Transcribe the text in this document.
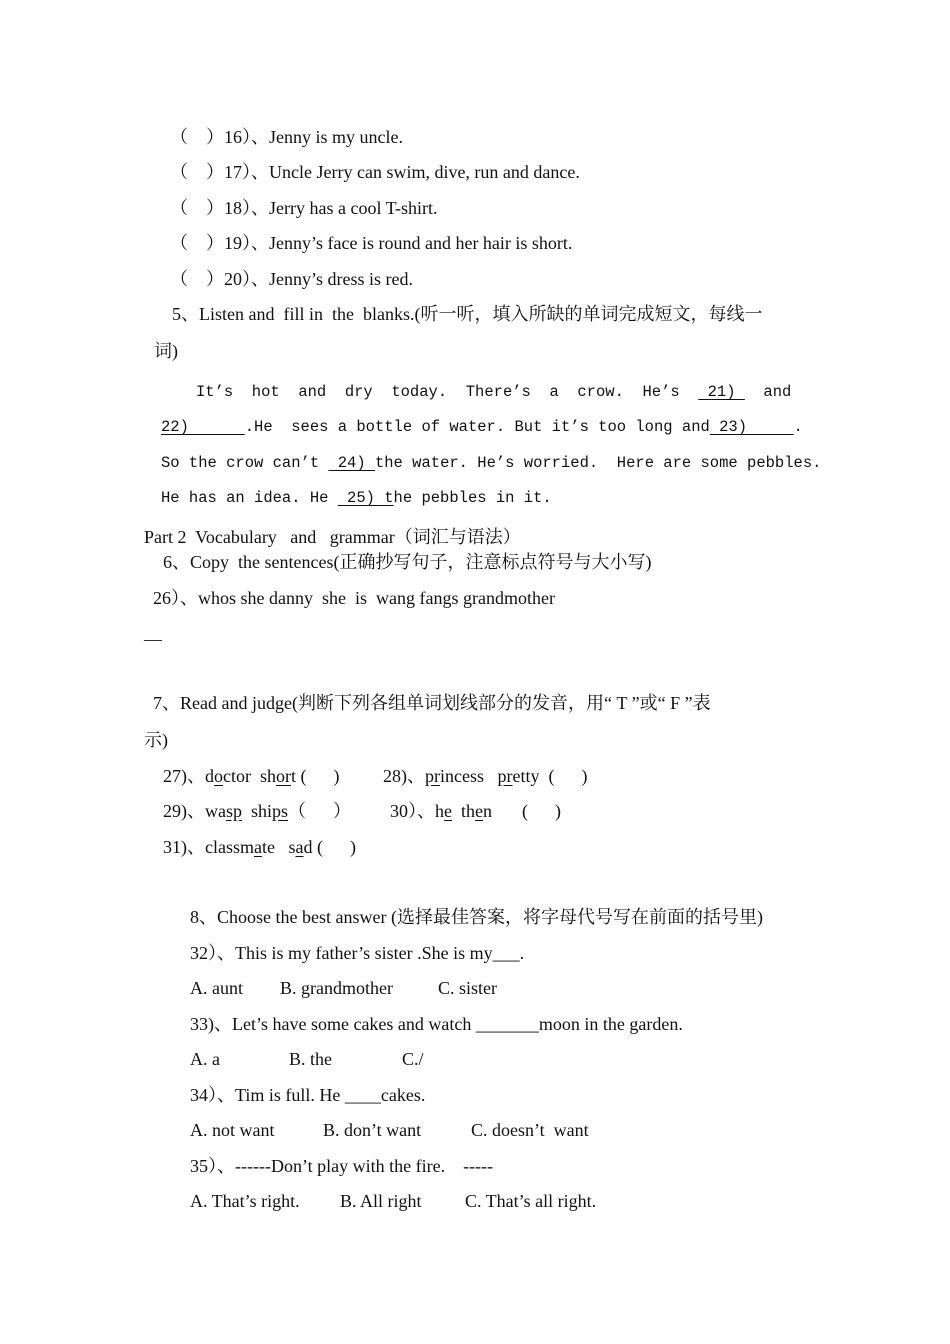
（    ）16）、Jenny is my uncle.
（    ）17）、Uncle Jerry can swim, dive, run and dance.
（    ）18）、Jerry has a cool T-shirt.
（    ）19）、Jenny’s face is round and her hair is short.
（    ）20）、Jenny’s dress is red.
5、Listen and  fill in  the  blanks.(听一听，填入所缺的单词完成短文，每线一
词)
It’s  hot  and  dry  today.  There’s  a  crow.  He’s   21)   and
22)      .He  sees a bottle of water. But it’s too long and 23)     .
So the crow can’t  24) the water. He’s worried.  Here are some pebbles.
He has an idea. He  25) the pebbles in it.
Part 2  Vocabulary   and   grammar（词汇与语法）
6、Copy  the sentences(正确抄写句子，注意标点符号与大小写)
26）、whos she danny  she  is  wang fangs grandmother
—
7、Read and judge(判断下列各组单词划线部分的发音，用“ T ”或“ F ”表
示)
27)、doctor  short (      ) 28)、princess   pretty  (      )
29)、wasp  ships（      ） 30）、he  then (      )
31)、classmate   sad (      )
8、Choose the best answer (选择最佳答案，将字母代号写在前面的括号里)
32）、This is my father’s sister .She is my___.
A. aunt B. grandmother	C. sister
33)、Let’s have some cakes and watch _______moon in the garden.
A. a	B. the	C./
34）、Tim is full. He ____cakes.
A. not want	B. don’t want	C. doesn’t  want
35）、------Don’t play with the fire.    -----
A. That’s right. B. All right C. That’s all right.
